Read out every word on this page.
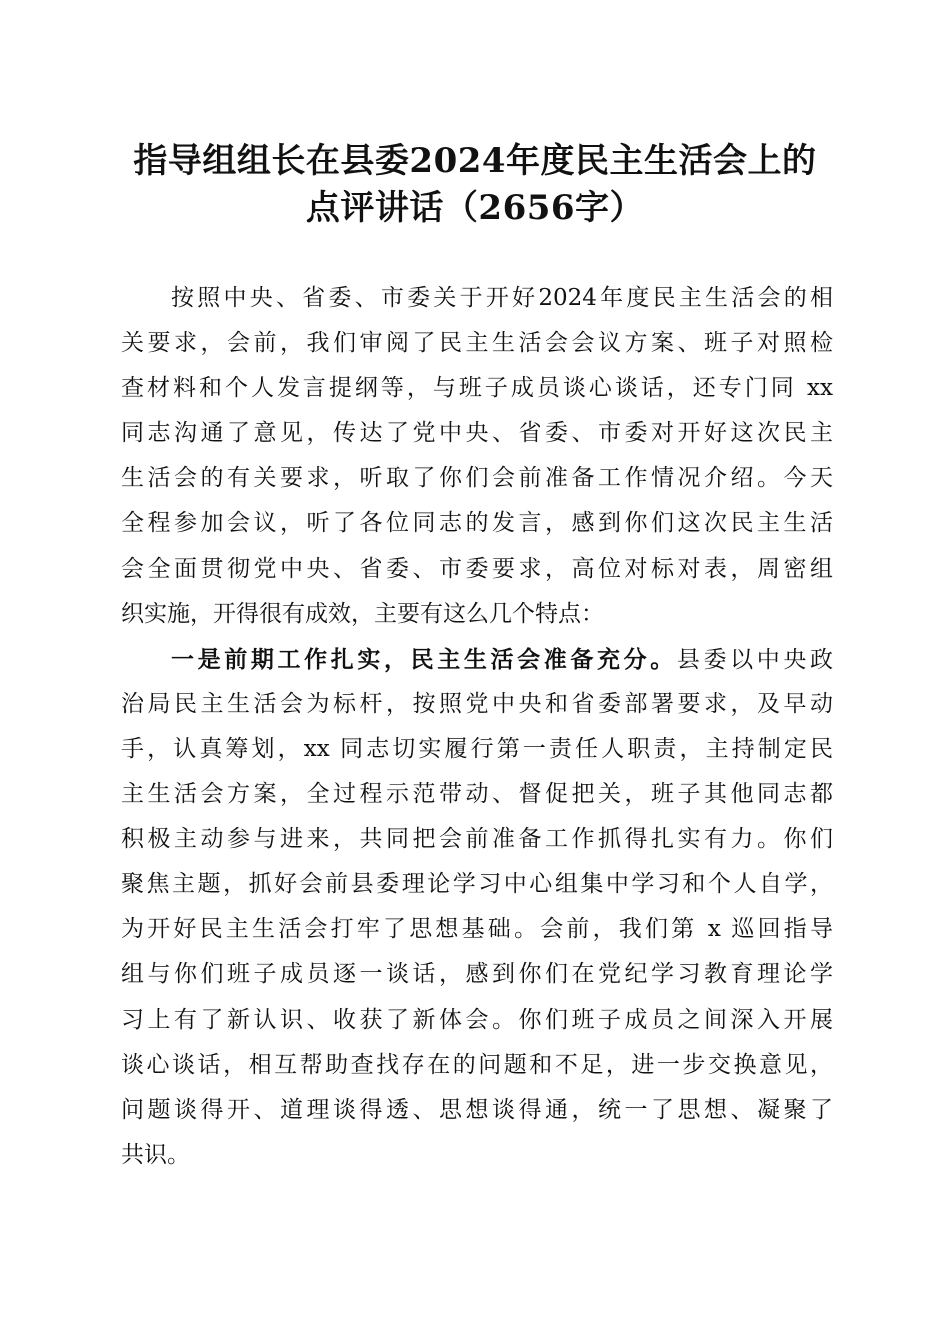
指导组组长在县委2024年度民主生活会上的
点评讲话（2656字）
按照中央、省委、市委关于开好2024年度民主生活会的相
关要求，会前，我们审阅了民主生活会会议方案、班子对照检
查材料和个人发言提纲等，与班子成员谈心谈话，还专门同 xx
同志沟通了意见，传达了党中央、省委、市委对开好这次民主
生活会的有关要求，听取了你们会前准备工作情况介绍。今天
全程参加会议，听了各位同志的发言，感到你们这次民主生活
会全面贯彻党中央、省委、市委要求，高位对标对表，周密组
织实施，开得很有成效，主要有这么几个特点：
一是前期工作扎实，民主生活会准备充分。县委以中央政
治局民主生活会为标杆，按照党中央和省委部署要求，及早动
手，认真筹划，xx 同志切实履行第一责任人职责，主持制定民
主生活会方案，全过程示范带动、督促把关，班子其他同志都
积极主动参与进来，共同把会前准备工作抓得扎实有力。你们
聚焦主题，抓好会前县委理论学习中心组集中学习和个人自学，
为开好民主生活会打牢了思想基础。会前，我们第 x 巡回指导
组与你们班子成员逐一谈话，感到你们在党纪学习教育理论学
习上有了新认识、收获了新体会。你们班子成员之间深入开展
谈心谈话，相互帮助查找存在的问题和不足，进一步交换意见，
问题谈得开、道理谈得透、思想谈得通，统一了思想、凝聚了
共识。
